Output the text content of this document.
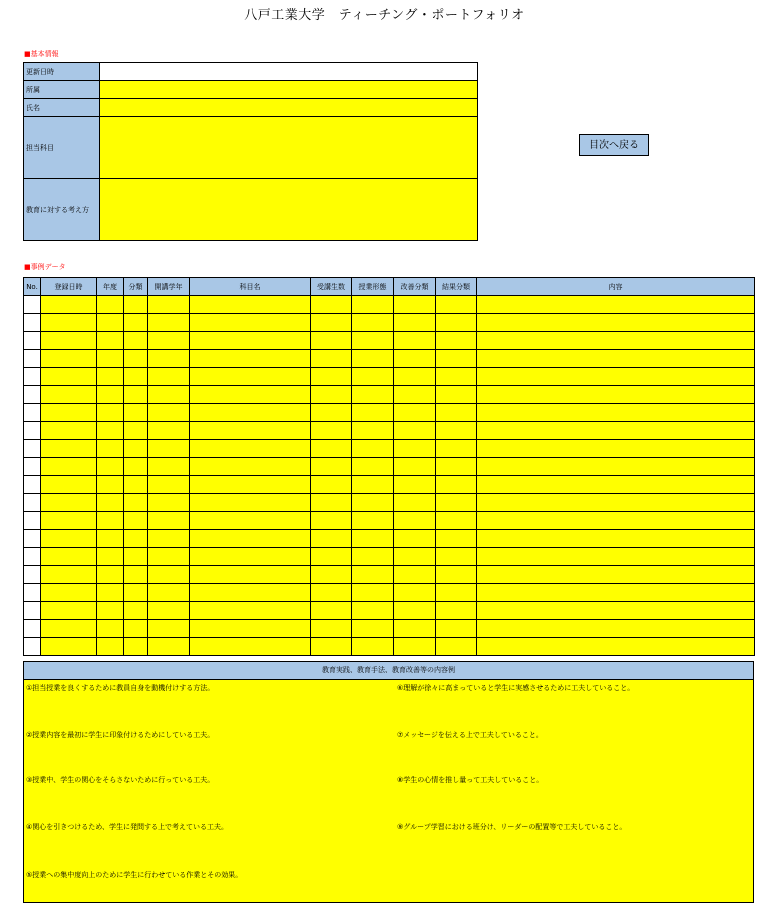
八戸工業大学　ティーチング・ポートフォリオ
■基本情報
更新日時	
所属	
氏名	
担当科目	
教育に対する考え方	
目次へ戻る
■事例データ
No.	登録日時	年度	分類	開講学年	科目名	受講生数	授業形態	改善分類	結果分類	内容

教育実践、教育手法、教育改善等の内容例
①担当授業を良くするために教員自身を動機付けする方法。
②授業内容を最初に学生に印象付けるためにしている工夫。
③授業中、学生の関心をそらさないために行っている工夫。
④関心を引きつけるため、学生に発問する上で考えている工夫。
⑤授業への集中度向上のために学生に行わせている作業とその効果。
⑥理解が徐々に高まっていると学生に実感させるために工夫していること。
⑦メッセージを伝える上で工夫していること。
⑧学生の心情を推し量って工夫していること。
⑨グループ学習における班分け、リーダーの配置等で工夫していること。
